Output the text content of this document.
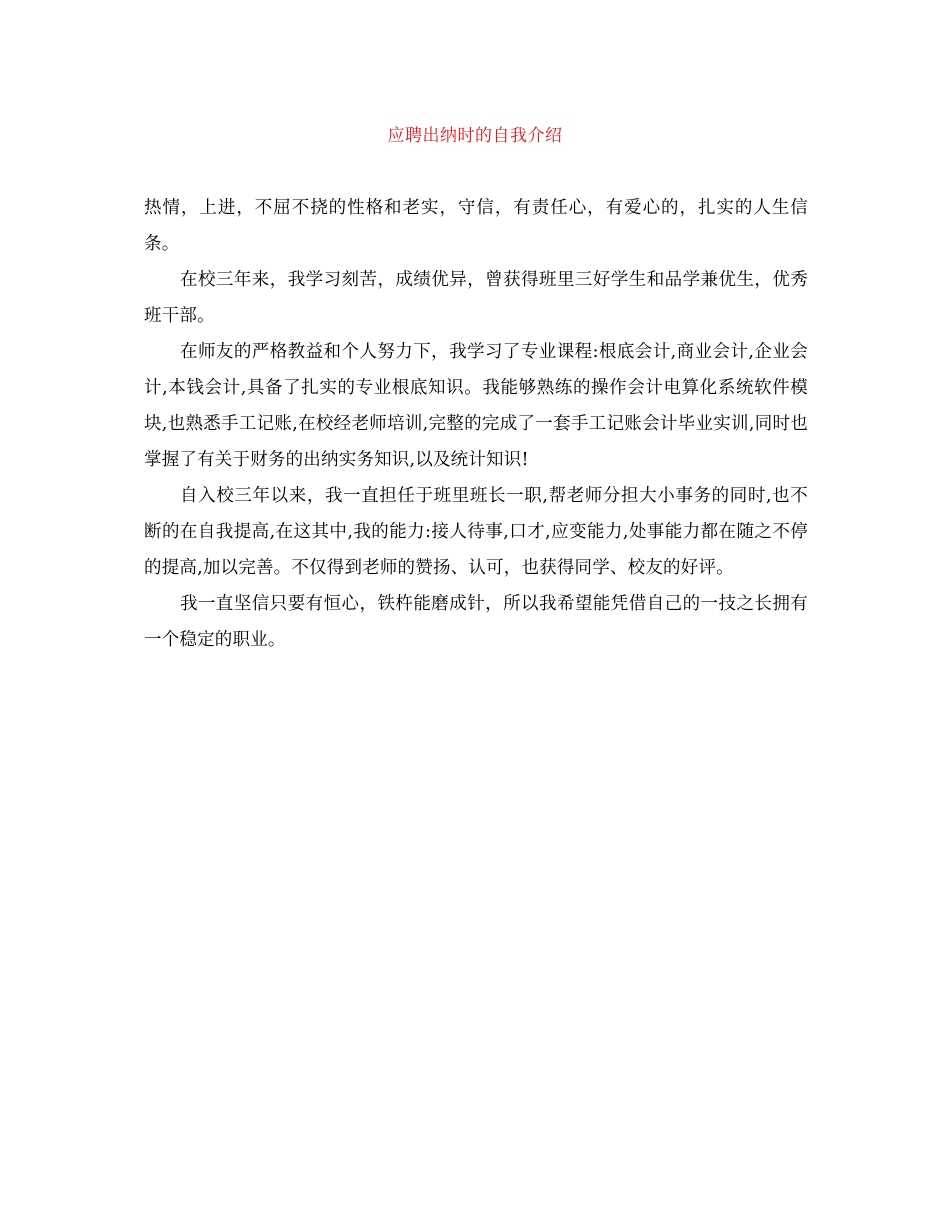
应聘出纳时的自我介绍

热情，上进，不屈不挠的性格和老实，守信，有责任心，有爱心的，扎实的人生信条。

在校三年来，我学习刻苦，成绩优异，曾获得班里三好学生和品学兼优生，优秀班干部。

在师友的严格教益和个人努力下，我学习了专业课程:根底会计,商业会计,企业会计,本钱会计,具备了扎实的专业根底知识。我能够熟练的操作会计电算化系统软件模块,也熟悉手工记账,在校经老师培训,完整的完成了一套手工记账会计毕业实训,同时也掌握了有关于财务的出纳实务知识,以及统计知识!

自入校三年以来，我一直担任于班里班长一职,帮老师分担大小事务的同时,也不断的在自我提高,在这其中,我的能力:接人待事,口才,应变能力,处事能力都在随之不停的提高,加以完善。不仅得到老师的赞扬、认可，也获得同学、校友的好评。

我一直坚信只要有恒心，铁杵能磨成针，所以我希望能凭借自己的一技之长拥有一个稳定的职业。
